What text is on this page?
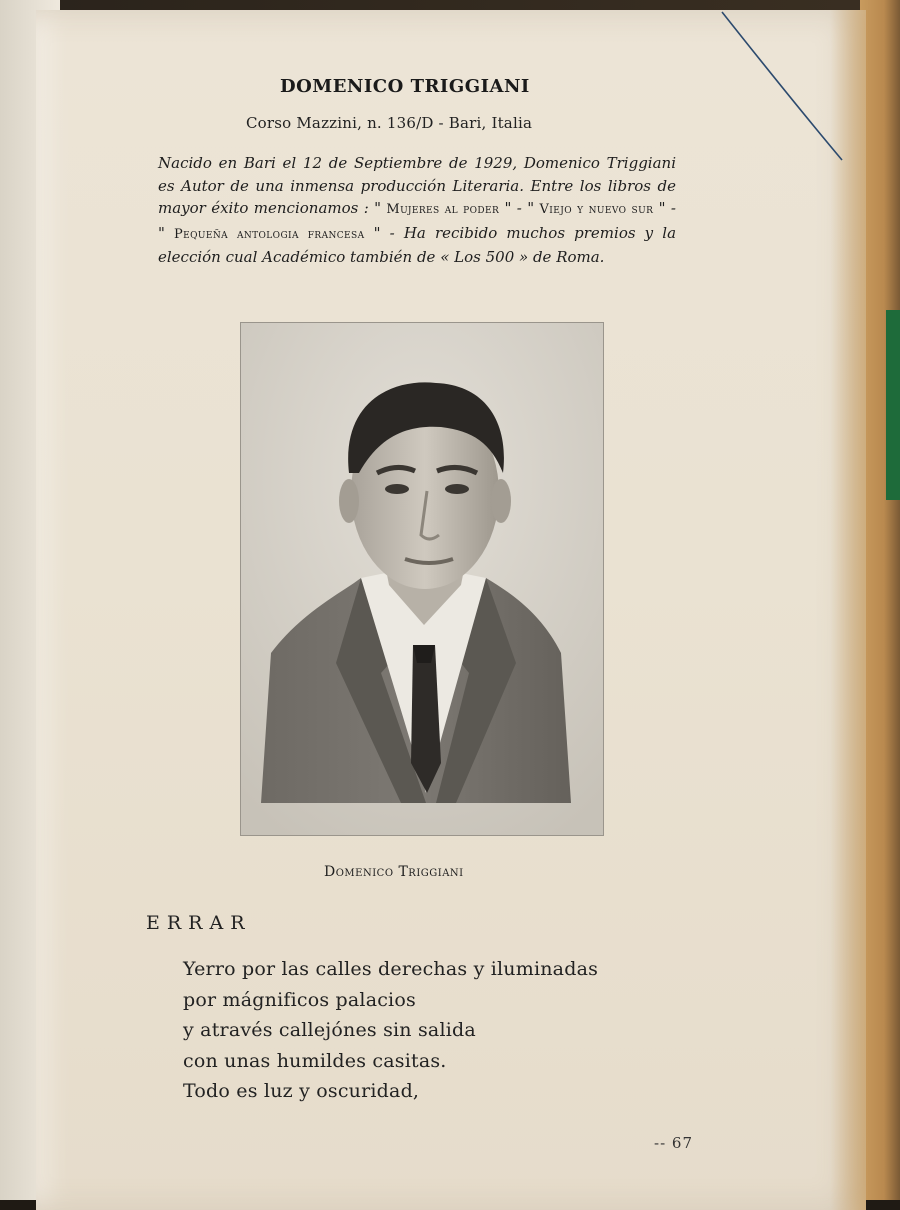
DOMENICO TRIGGIANI
Corso Mazzini, n. 136/D - Bari, Italia
Nacido en Bari el 12 de Septiembre de 1929, Domenico Triggiani es Autor de una inmensa producción Literaria. Entre los libros de mayor éxito mencionamos : " Mujeres al poder " - " Viejo y nuevo sur " - " Pequeña antologia francesa " - Ha recibido muchos premios y la elección cual Académico también de « Los 500 » de Roma.
Domenico Triggiani
ERRAR
Yerro por las calles derechas y iluminadas
por mágnificos palacios
y através callejónes sin salida
con unas humildes casitas.
Todo es luz y oscuridad,
-- 67
